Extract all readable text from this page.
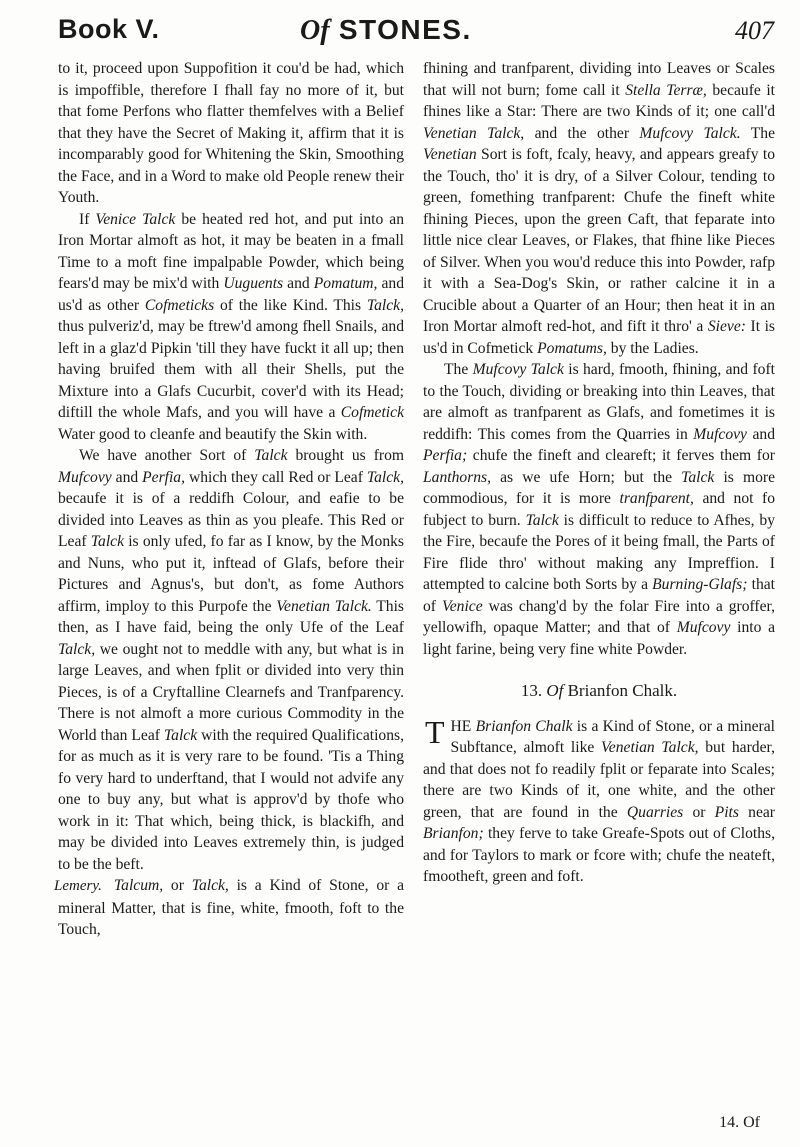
Book V.	Of STONES.	407

to it, proceed upon Suppofition it cou'd be had, which is impoffible, therefore I fhall fay no more of it, but that fome Perfons who flatter themfelves with a Belief that they have the Secret of Making it, affirm that it is incomparably good for Whitening the Skin, Smoothing the Face, and in a Word to make old People renew their Youth.

If Venice Talck be heated red hot, and put into an Iron Mortar almoft as hot, it may be beaten in a fmall Time to a moft fine impalpable Powder, which being fears'd may be mix'd with Uuguents and Pomatum, and us'd as other Cofmeticks of the like Kind. This Talck, thus pulveriz'd, may be ftrew'd among fhell Snails, and left in a glaz'd Pipkin 'till they have fuckt it all up; then having bruifed them with all their Shells, put the Mixture into a Glafs Cucurbit, cover'd with its Head; diftill the whole Mafs, and you will have a Cofmetick Water good to cleanfe and beautify the Skin with.

We have another Sort of Talck brought us from Mufcovy and Perfia, which they call Red or Leaf Talck, becaufe it is of a reddifh Colour, and eafie to be divided into Leaves as thin as you pleafe. This Red or Leaf Talck is only ufed, fo far as I know, by the Monks and Nuns, who put it, inftead of Glafs, before their Pictures and Agnus's, but don't, as fome Authors affirm, imploy to this Purpofe the Venetian Talck. This then, as I have faid, being the only Ufe of the Leaf Talck, we ought not to meddle with any, but what is in large Leaves, and when fplit or divided into very thin Pieces, is of a Cryftalline Clearnefs and Tranfparency. There is not almoft a more curious Commodity in the World than Leaf Talck with the required Qualifications, for as much as it is very rare to be found. 'Tis a Thing fo very hard to underftand, that I would not advife any one to buy any, but what is approv'd by thofe who work in it: That which, being thick, is blackifh, and may be divided into Leaves extremely thin, is judged to be the beft.

Lemery. Talcum, or Talck, is a Kind of Stone, or a mineral Matter, that is fine, white, fmooth, foft to the Touch,

fhining and tranfparent, dividing into Leaves or Scales that will not burn; fome call it Stella Terræ, becaufe it fhines like a Star: There are two Kinds of it; one call'd Venetian Talck, and the other Mufcovy Talck. The Venetian Sort is foft, fcaly, heavy, and appears greafy to the Touch, tho' it is dry, of a Silver Colour, tending to green, fomething tranfparent: Chufe the fineft white fhining Pieces, upon the green Caft, that feparate into little nice clear Leaves, or Flakes, that fhine like Pieces of Silver. When you wou'd reduce this into Powder, rafp it with a Sea-Dog's Skin, or rather calcine it in a Crucible about a Quarter of an Hour; then heat it in an Iron Mortar almoft red-hot, and fift it thro' a Sieve: It is us'd in Cofmetick Pomatums, by the Ladies.

The Mufcovy Talck is hard, fmooth, fhining, and foft to the Touch, dividing or breaking into thin Leaves, that are almoft as tranfparent as Glafs, and fometimes it is reddifh: This comes from the Quarries in Mufcovy and Perfia; chufe the fineft and cleareft; it ferves them for Lanthorns, as we ufe Horn; but the Talck is more commodious, for it is more tranfparent, and not fo fubject to burn. Talck is difficult to reduce to Afhes, by the Fire, becaufe the Pores of it being fmall, the Parts of Fire flide thro' without making any Impreffion. I attempted to calcine both Sorts by a Burning-Glafs; that of Venice was chang'd by the folar Fire into a groffer, yellowifh, opaque Matter; and that of Mufcovy into a light farine, being very fine white Powder.

13. Of Brianfon Chalk.

THE Brianfon Chalk is a Kind of Stone, or a mineral Subftance, almoft like Venetian Talck, but harder, and that does not fo readily fplit or feparate into Scales; there are two Kinds of it, one white, and the other green, that are found in the Quarries or Pits near Brianfon; they ferve to take Greafe-Spots out of Cloths, and for Taylors to mark or fcore with; chufe the neateft, fmootheft, green and foft.

14. Of
